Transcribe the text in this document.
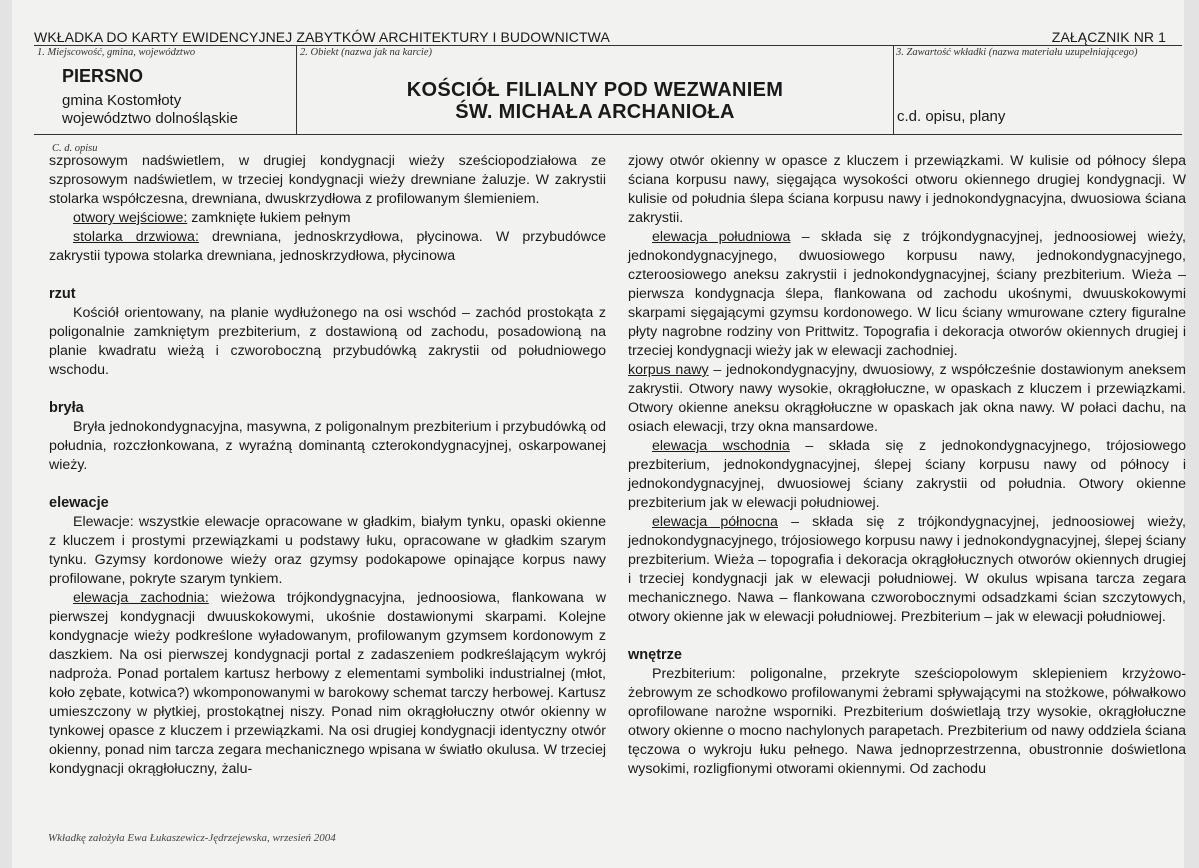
WKŁADKA DO KARTY EWIDENCYJNEJ ZABYTKÓW ARCHITEKTURY I BUDOWNICTWA	ZAŁĄCZNIK NR 1
1. Miejscowość, gmina, województwo
PIERSNO
gmina Kostomłoty
województwo dolnośląskie
2. Obiekt (nazwa jak na karcie)
KOŚCIÓŁ FILIALNY POD WEZWANIEM
ŚW. MICHAŁA ARCHANIOŁA
3. Zawartość wkładki (nazwa materiału uzupełniającego)
c.d. opisu, plany
C. d. opisu

szprosowym nadświetlem, w drugiej kondygnacji wieży sześciopodziałowa ze szprosowym nadświetlem, w trzeciej kondygnacji wieży drewniane żaluzje. W zakrystii stolarka współczesna, drewniana, dwuskrzydłowa z profilowanym ślemieniem.

otwory wejściowe: zamknięte łukiem pełnym

stolarka drzwiowa: drewniana, jednoskrzydłowa, płycinowa. W przybudówce zakrystii typowa stolarka drewniana, jednoskrzydłowa, płycinowa

rzut

Kościół orientowany, na planie wydłużonego na osi wschód – zachód prostokąta z poligonalnie zamkniętym prezbiterium, z dostawioną od zachodu, posadowioną na planie kwadratu wieżą i czworoboczną przybudówką zakrystii od południowego wschodu.

bryła

Bryła jednokondygnacyjna, masywna, z poligonalnym prezbiterium i przybudówką od południa, rozczłonkowana, z wyraźną dominantą czterokondygnacyjnej, oskarpowanej wieży.

elewacje

Elewacje: wszystkie elewacje opracowane w gładkim, białym tynku, opaski okienne z kluczem i prostymi przewiązkami u podstawy łuku, opracowane w gładkim szarym tynku. Gzymsy kordonowe wieży oraz gzymsy podokapowe opinające korpus nawy profilowane, pokryte szarym tynkiem.

elewacja zachodnia: wieżowa trójkondygnacyjna, jednoosiowa, flankowana w pierwszej kondygnacji dwuuskokowymi, ukośnie dostawionymi skarpami. Kolejne kondygnacje wieży podkreślone wyładowanym, profilowanym gzymsem kordonowym z daszkiem. Na osi pierwszej kondygnacji portal z zadaszeniem podkreślającym wykrój nadproża. Ponad portalem kartusz herbowy z elementami symboliki industrialnej (młot, koło zębate, kotwica?) wkomponowanymi w barokowy schemat tarczy herbowej. Kartusz umieszczony w płytkiej, prostokątnej niszy. Ponad nim okrągłołuczny otwór okienny w tynkowej opasce z kluczem i przewiązkami. Na osi drugiej kondygnacji identyczny otwór okienny, ponad nim tarcza zegara mechanicznego wpisana w światło okulusa. W trzeciej kondygnacji okrągłołuczny, żalu-

zjowy otwór okienny w opasce z kluczem i przewiązkami. W kulisie od północy ślepa ściana korpusu nawy, sięgająca wysokości otworu okiennego drugiej kondygnacji. W kulisie od południa ślepa ściana korpusu nawy i jednokondygnacyjna, dwuosiowa ściana zakrystii.

elewacja południowa – składa się z trójkondygnacyjnej, jednoosiowej wieży, jednokondygnacyjnego, dwuosiowego korpusu nawy, jednokondygnacyjnego, czteroosiowego aneksu zakrystii i jednokondygnacyjnej, ściany prezbiterium. Wieża – pierwsza kondygnacja ślepa, flankowana od zachodu ukośnymi, dwuuskokowymi skarpami sięgającymi gzymsu kordonowego. W licu ściany wmurowane cztery figuralne płyty nagrobne rodziny von Prittwitz. Topografia i dekoracja otworów okiennych drugiej i trzeciej kondygnacji wieży jak w elewacji zachodniej.

korpus nawy – jednokondygnacyjny, dwuosiowy, z współcześnie dostawionym aneksem zakrystii. Otwory nawy wysokie, okrągłołuczne, w opaskach z kluczem i przewiązkami. Otwory okienne aneksu okrągłołuczne w opaskach jak okna nawy. W połaci dachu, na osiach elewacji, trzy okna mansardowe.

elewacja wschodnia – składa się z jednokondygnacyjnego, trójosiowego prezbiterium, jednokondygnacyjnej, ślepej ściany korpusu nawy od północy i jednokondygnacyjnej, dwuosiowej ściany zakrystii od południa. Otwory okienne prezbiterium jak w elewacji południowej.

elewacja północna – składa się z trójkondygnacyjnej, jednoosiowej wieży, jednokondygnacyjnego, trójosiowego korpusu nawy i jednokondygnacyjnej, ślepej ściany prezbiterium. Wieża – topografia i dekoracja okrągłołucznych otworów okiennych drugiej i trzeciej kondygnacji jak w elewacji południowej. W okulus wpisana tarcza zegara mechanicznego. Nawa – flankowana czworobocznymi odsadzkami ścian szczytowych, otwory okienne jak w elewacji południowej. Prezbiterium – jak w elewacji południowej.

wnętrze

Prezbiterium: poligonalne, przekryte sześciopolowym sklepieniem krzyżowo-żebrowym ze schodkowo profilowanymi żebrami spływającymi na stożkowe, półwałkowo oprofilowane narożne wsporniki. Prezbiterium doświetlają trzy wysokie, okrągłołuczne otwory okienne o mocno nachylonych parapetach. Prezbiterium od nawy oddziela ściana tęczowa o wykroju łuku pełnego. Nawa jednoprzestrzenna, obustronnie doświetlona wysokimi, rozligfionymi otworami okiennymi. Od zachodu

Wkładkę założyła Ewa Łukaszewicz-Jędrzejewska, wrzesień 2004
